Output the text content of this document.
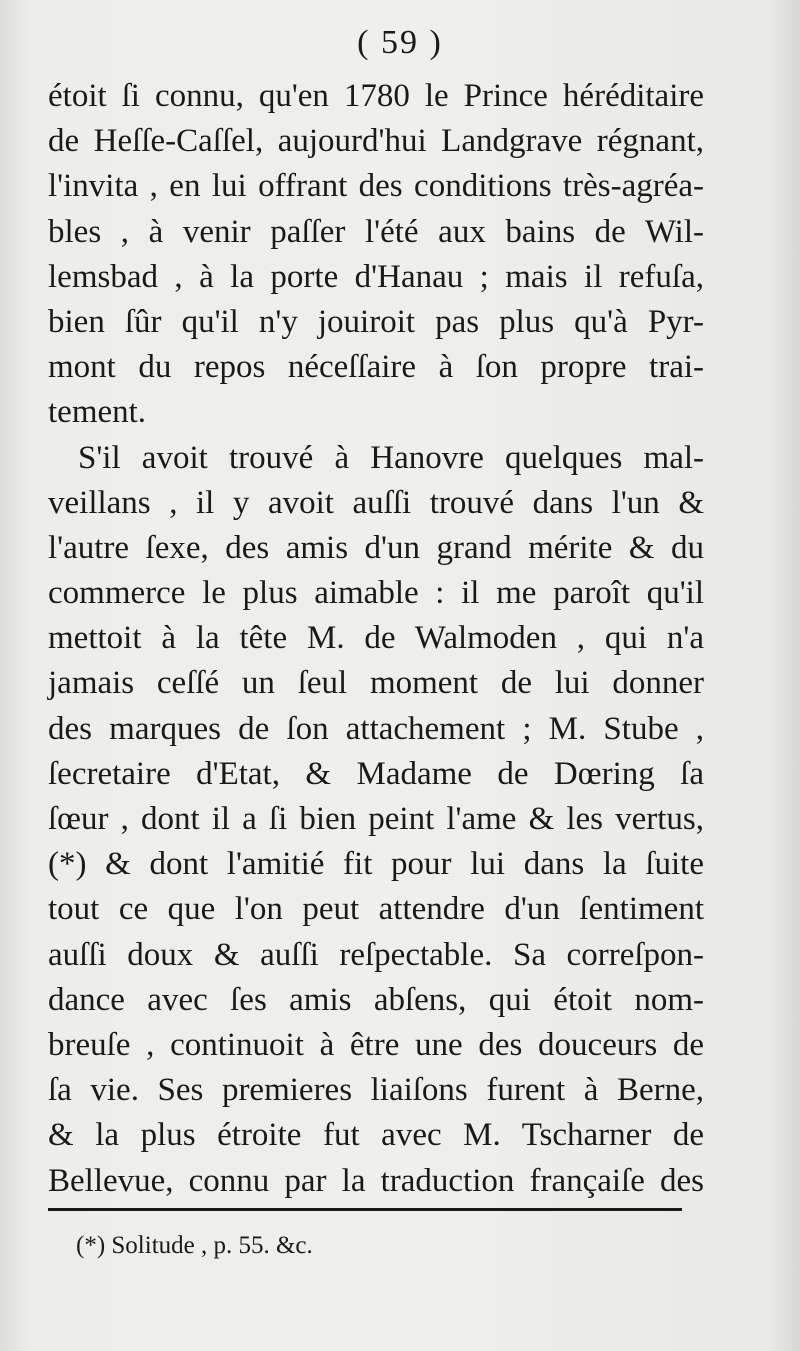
( 59 )
étoit ſi connu, qu'en 1780 le Prince héréditaire
de Heſſe-Caſſel, aujourd'hui Landgrave régnant,
l'invita , en lui offrant des conditions très-agréa-
bles , à venir paſſer l'été aux bains de Wil-
lemsbad , à la porte d'Hanau ; mais il refuſa,
bien ſûr qu'il n'y jouiroit pas plus qu'à Pyr-
mont du repos néceſſaire à ſon propre trai-
tement.
S'il avoit trouvé à Hanovre quelques mal-
veillans , il y avoit auſſi trouvé dans l'un &
l'autre ſexe, des amis d'un grand mérite & du
commerce le plus aimable : il me paroît qu'il
mettoit à la tête M. de Walmoden , qui n'a
jamais ceſſé un ſeul moment de lui donner
des marques de ſon attachement ; M. Stube ,
ſecretaire d'Etat, & Madame de Dœring ſa
ſœur , dont il a ſi bien peint l'ame & les vertus,
(*) & dont l'amitié fit pour lui dans la ſuite
tout ce que l'on peut attendre d'un ſentiment
auſſi doux & auſſi reſpectable. Sa correſpon-
dance avec ſes amis abſens, qui étoit nom-
breuſe , continuoit à être une des douceurs de
ſa vie. Ses premieres liaiſons furent à Berne,
& la plus étroite fut avec M. Tscharner de
Bellevue, connu par la traduction françaiſe des
(*) Solitude , p. 55. &c.
